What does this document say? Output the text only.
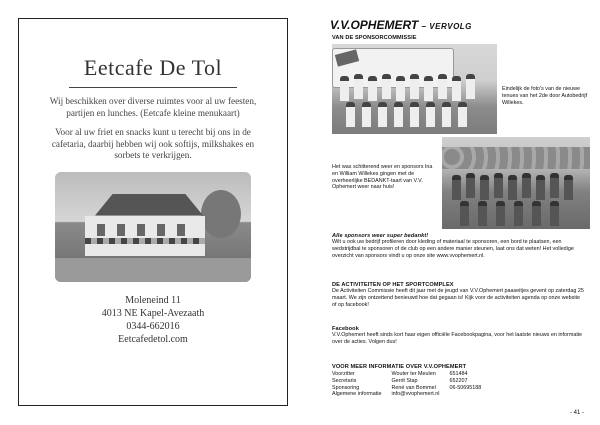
Eetcafe De Tol

Wij beschikken over diverse ruimtes voor al uw feesten, partijen en lunches. (Eetcafe kleine menukaart)

Voor al uw friet en snacks kunt u terecht bij ons in de cafetaria, daarbij hebben wij ook softijs, milkshakes en sorbets te verkrijgen.

Moleneind 11
4013 NE Kapel-Avezaath
0344-662016
Eetcafedetol.com
V.V.OPHEMERT – VERVOLG
VAN DE SPONSORCOMMISSIE
Eindelijk de foto's van de nieuwe tenues van het 2de door Autobedrijf Willekes.
Het was schitterend weer en sponsors Ina en William Willekes gingen met de overheerlijke BEDANKT-taart van V.V. Ophemert weer naar huis!
Alle sponsors weer super bedankt!
Wilt u ook uw bedrijf profileren door kleding of materiaal te sponsoren, een bord te plaatsen, een wedstrijdbal te sponsoren of de club op een andere manier steunen, laat ons dat weten! Het volledige overzicht van sponsors vindt u op onze site www.vvophemert.nl.
DE ACTIVITEITEN OP HET SPORTCOMPLEX
De Activiteiten Commissie heeft dit jaar met de jeugd van V.V.Ophemert paaseitjes gevent op zaterdag 25 maart. We zijn ontzettend benieuwd hoe dat gegaan is! Kijk voor de activiteiten agenda op onze website of op facebook!
Facebook
V.V.Ophemert heeft sinds kort haar eigen officiële Facebookpagina, voor het laatste nieuws en informatie over de acties. Volgen dus!
VOOR MEER INFORMATIE OVER V.V.OPHEMERT
Voorzitter	Wouter ter Meulen	651484
Secretaris	Gerrit Stap	652207
Sponsoring	René van Bommel	06-50695188
Algemene informatie	info@vvophemert.nl	
- 41 -
